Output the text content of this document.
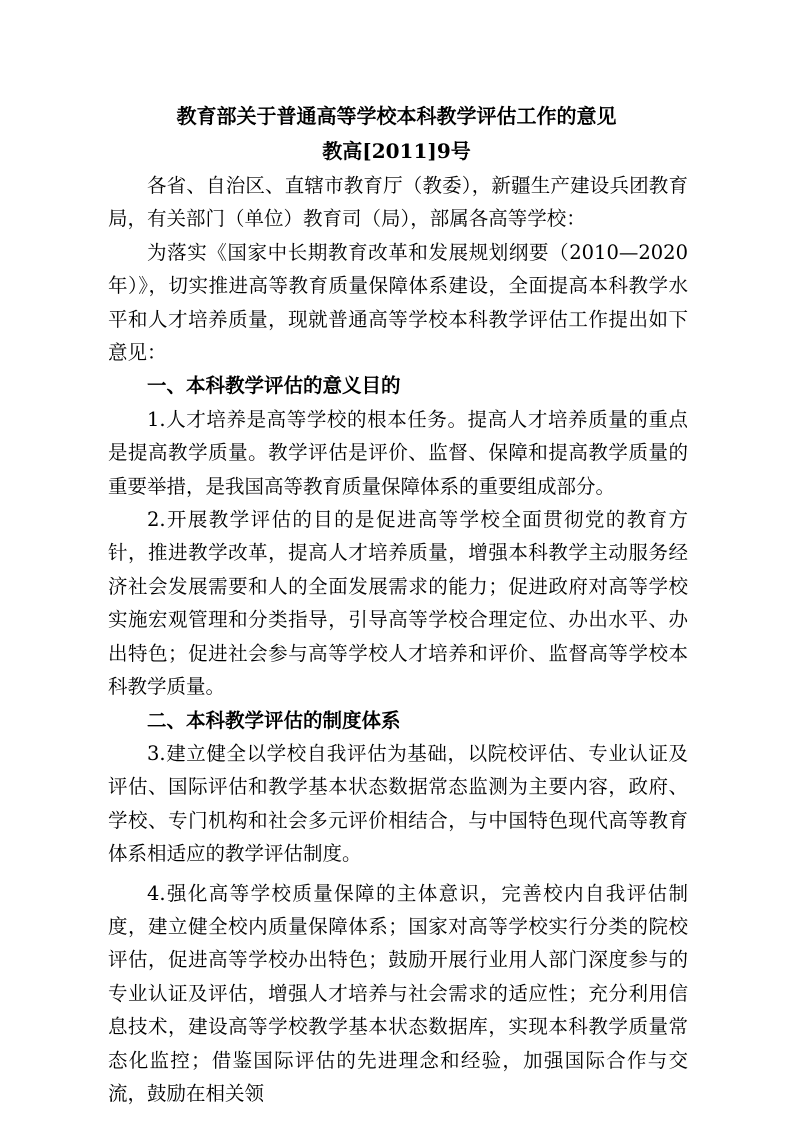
教育部关于普通高等学校本科教学评估工作的意见
教高[2011]9号

各省、自治区、直辖市教育厅（教委），新疆生产建设兵团教育局，有关部门（单位）教育司（局），部属各高等学校：

为落实《国家中长期教育改革和发展规划纲要（2010—2020年）》，切实推进高等教育质量保障体系建设，全面提高本科教学水平和人才培养质量，现就普通高等学校本科教学评估工作提出如下意见：

一、本科教学评估的意义目的

1.人才培养是高等学校的根本任务。提高人才培养质量的重点是提高教学质量。教学评估是评价、监督、保障和提高教学质量的重要举措，是我国高等教育质量保障体系的重要组成部分。

2.开展教学评估的目的是促进高等学校全面贯彻党的教育方针，推进教学改革，提高人才培养质量，增强本科教学主动服务经济社会发展需要和人的全面发展需求的能力；促进政府对高等学校实施宏观管理和分类指导，引导高等学校合理定位、办出水平、办出特色；促进社会参与高等学校人才培养和评价、监督高等学校本科教学质量。

二、本科教学评估的制度体系

3.建立健全以学校自我评估为基础，以院校评估、专业认证及评估、国际评估和教学基本状态数据常态监测为主要内容，政府、学校、专门机构和社会多元评价相结合，与中国特色现代高等教育体系相适应的教学评估制度。

4.强化高等学校质量保障的主体意识，完善校内自我评估制度，建立健全校内质量保障体系；国家对高等学校实行分类的院校评估，促进高等学校办出特色；鼓励开展行业用人部门深度参与的专业认证及评估，增强人才培养与社会需求的适应性；充分利用信息技术，建设高等学校教学基本状态数据库，实现本科教学质量常态化监控；借鉴国际评估的先进理念和经验，加强国际合作与交流，鼓励在相关领
